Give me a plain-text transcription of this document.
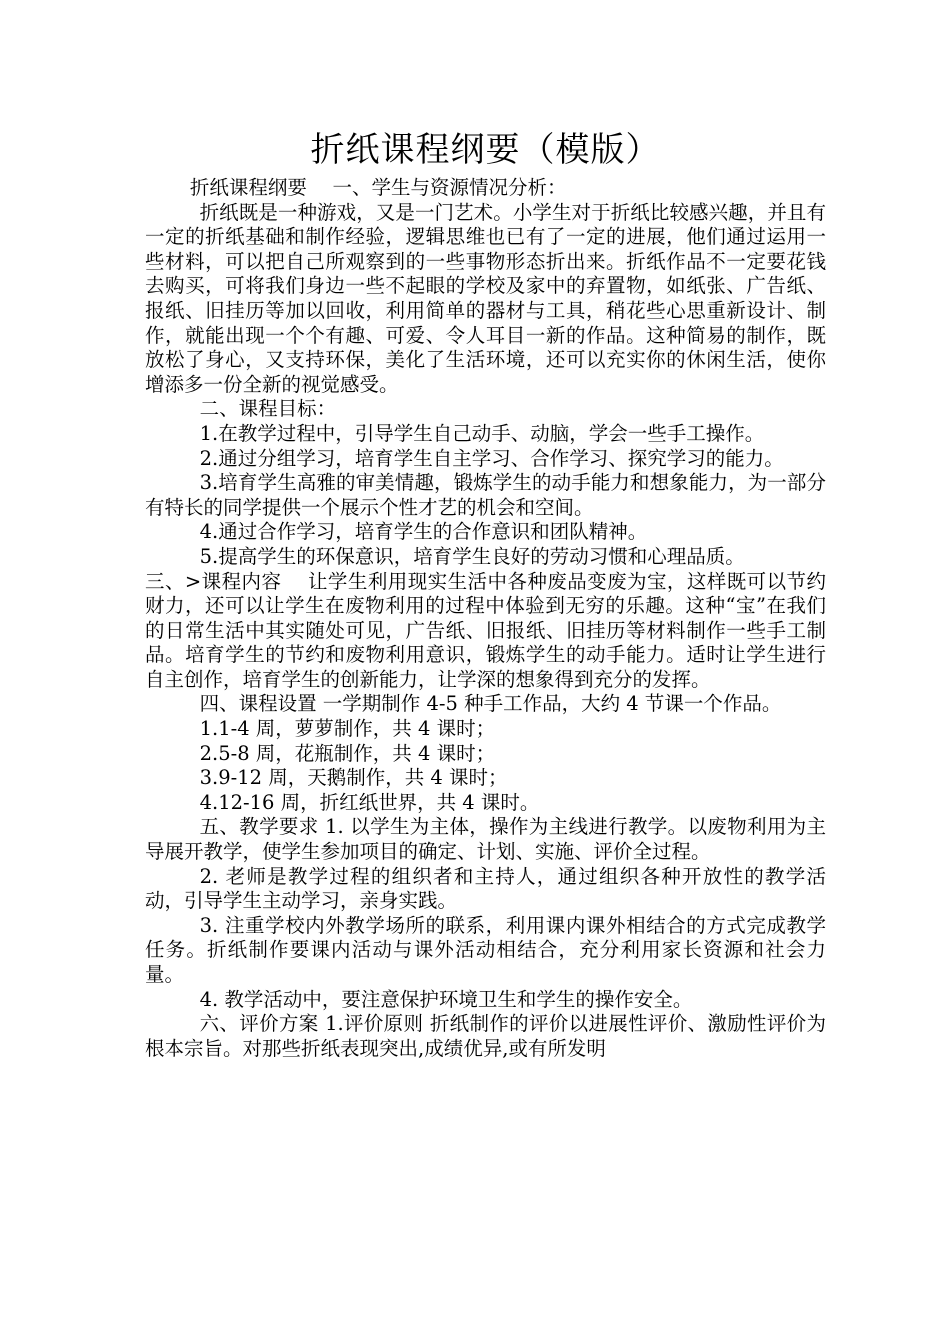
折纸课程纲要（模版）

折纸课程纲要　 一、学生与资源情况分析：

折纸既是一种游戏，又是一门艺术。小学生对于折纸比较感兴趣，并且有一定的折纸基础和制作经验，逻辑思维也已有了一定的进展，他们通过运用一些材料，可以把自己所观察到的一些事物形态折出来。折纸作品不一定要花钱去购买，可将我们身边一些不起眼的学校及家中的弃置物，如纸张、广告纸、报纸、旧挂历等加以回收，利用简单的器材与工具，稍花些心思重新设计、制作，就能出现一个个有趣、可爱、令人耳目一新的作品。这种简易的制作，既放松了身心，又支持环保，美化了生活环境，还可以充实你的休闲生活，使你增添多一份全新的视觉感受。

二、课程目标：

1.在教学过程中，引导学生自己动手、动脑，学会一些手工操作。

2.通过分组学习，培育学生自主学习、合作学习、探究学习的能力。

3.培育学生高雅的审美情趣，锻炼学生的动手能力和想象能力，为一部分有特长的同学提供一个展示个性才艺的机会和空间。

4.通过合作学习，培育学生的合作意识和团队精神。

5.提高学生的环保意识，培育学生良好的劳动习惯和心理品质。

三、>课程内容　 让学生利用现实生活中各种废品变废为宝，这样既可以节约财力，还可以让学生在废物利用的过程中体验到无穷的乐趣。这种“宝”在我们的日常生活中其实随处可见，广告纸、旧报纸、旧挂历等材料制作一些手工制品。培育学生的节约和废物利用意识，锻炼学生的动手能力。适时让学生进行自主创作，培育学生的创新能力，让学深的想象得到充分的发挥。

四、课程设置 一学期制作 4-5 种手工作品，大约 4 节课一个作品。

1.1-4 周，萝萝制作，共 4 课时；

2.5-8 周，花瓶制作，共 4 课时；

3.9-12 周，天鹅制作，共 4 课时；

4.12-16 周，折红纸世界，共 4 课时。

五、教学要求 1. 以学生为主体，操作为主线进行教学。以废物利用为主导展开教学，使学生参加项目的确定、计划、实施、评价全过程。

2. 老师是教学过程的组织者和主持人，通过组织各种开放性的教学活动，引导学生主动学习，亲身实践。

3. 注重学校内外教学场所的联系，利用课内课外相结合的方式完成教学任务。折纸制作要课内活动与课外活动相结合，充分利用家长资源和社会力量。

4. 教学活动中，要注意保护环境卫生和学生的操作安全。

六、评价方案 1.评价原则 折纸制作的评价以进展性评价、激励性评价为根本宗旨。对那些折纸表现突出,成绩优异,或有所发明
